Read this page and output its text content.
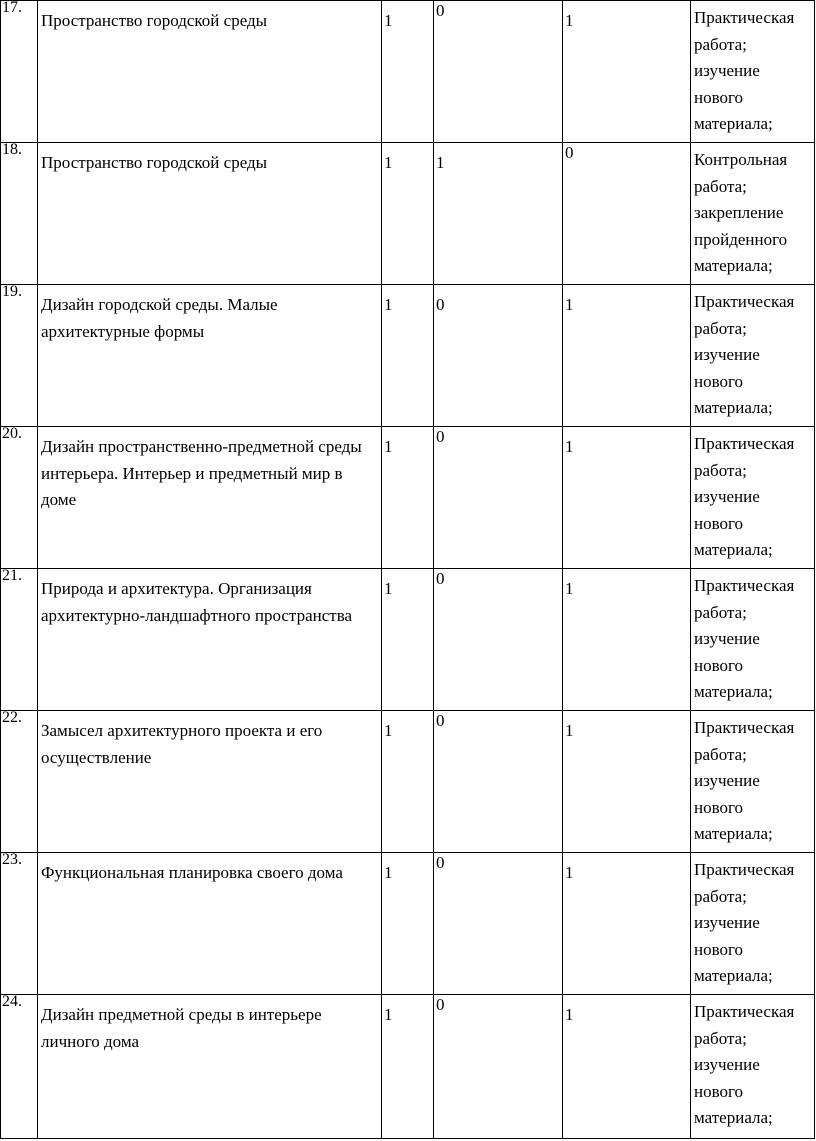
17.	Пространство городской среды	1	0	1	Практическая
работа;
изучение
нового
материала;

18.	Пространство городской среды	1	1	0	Контрольная
работа;
закрепление
пройденного
материала;

19.	Дизайн городской среды. Малые архитектурные формы	1	0	1	Практическая
работа;
изучение
нового
материала;

20.	Дизайн пространственно-предметной среды интерьера. Интерьер и предметный мир в доме	1	0	1	Практическая
работа;
изучение
нового
материала;

21.	Природа и архитектура. Организация архитектурно-ландшафтного пространства	1	0	1	Практическая
работа;
изучение
нового
материала;

22.	Замысел архитектурного проекта и его осуществление	1	0	1	Практическая
работа;
изучение
нового
материала;

23.	Функциональная планировка своего дома	1	0	1	Практическая
работа;
изучение
нового
материала;

24.	Дизайн предметной среды в интерьере личного дома	1	0	1	Практическая
работа;
изучение
нового
материала;
